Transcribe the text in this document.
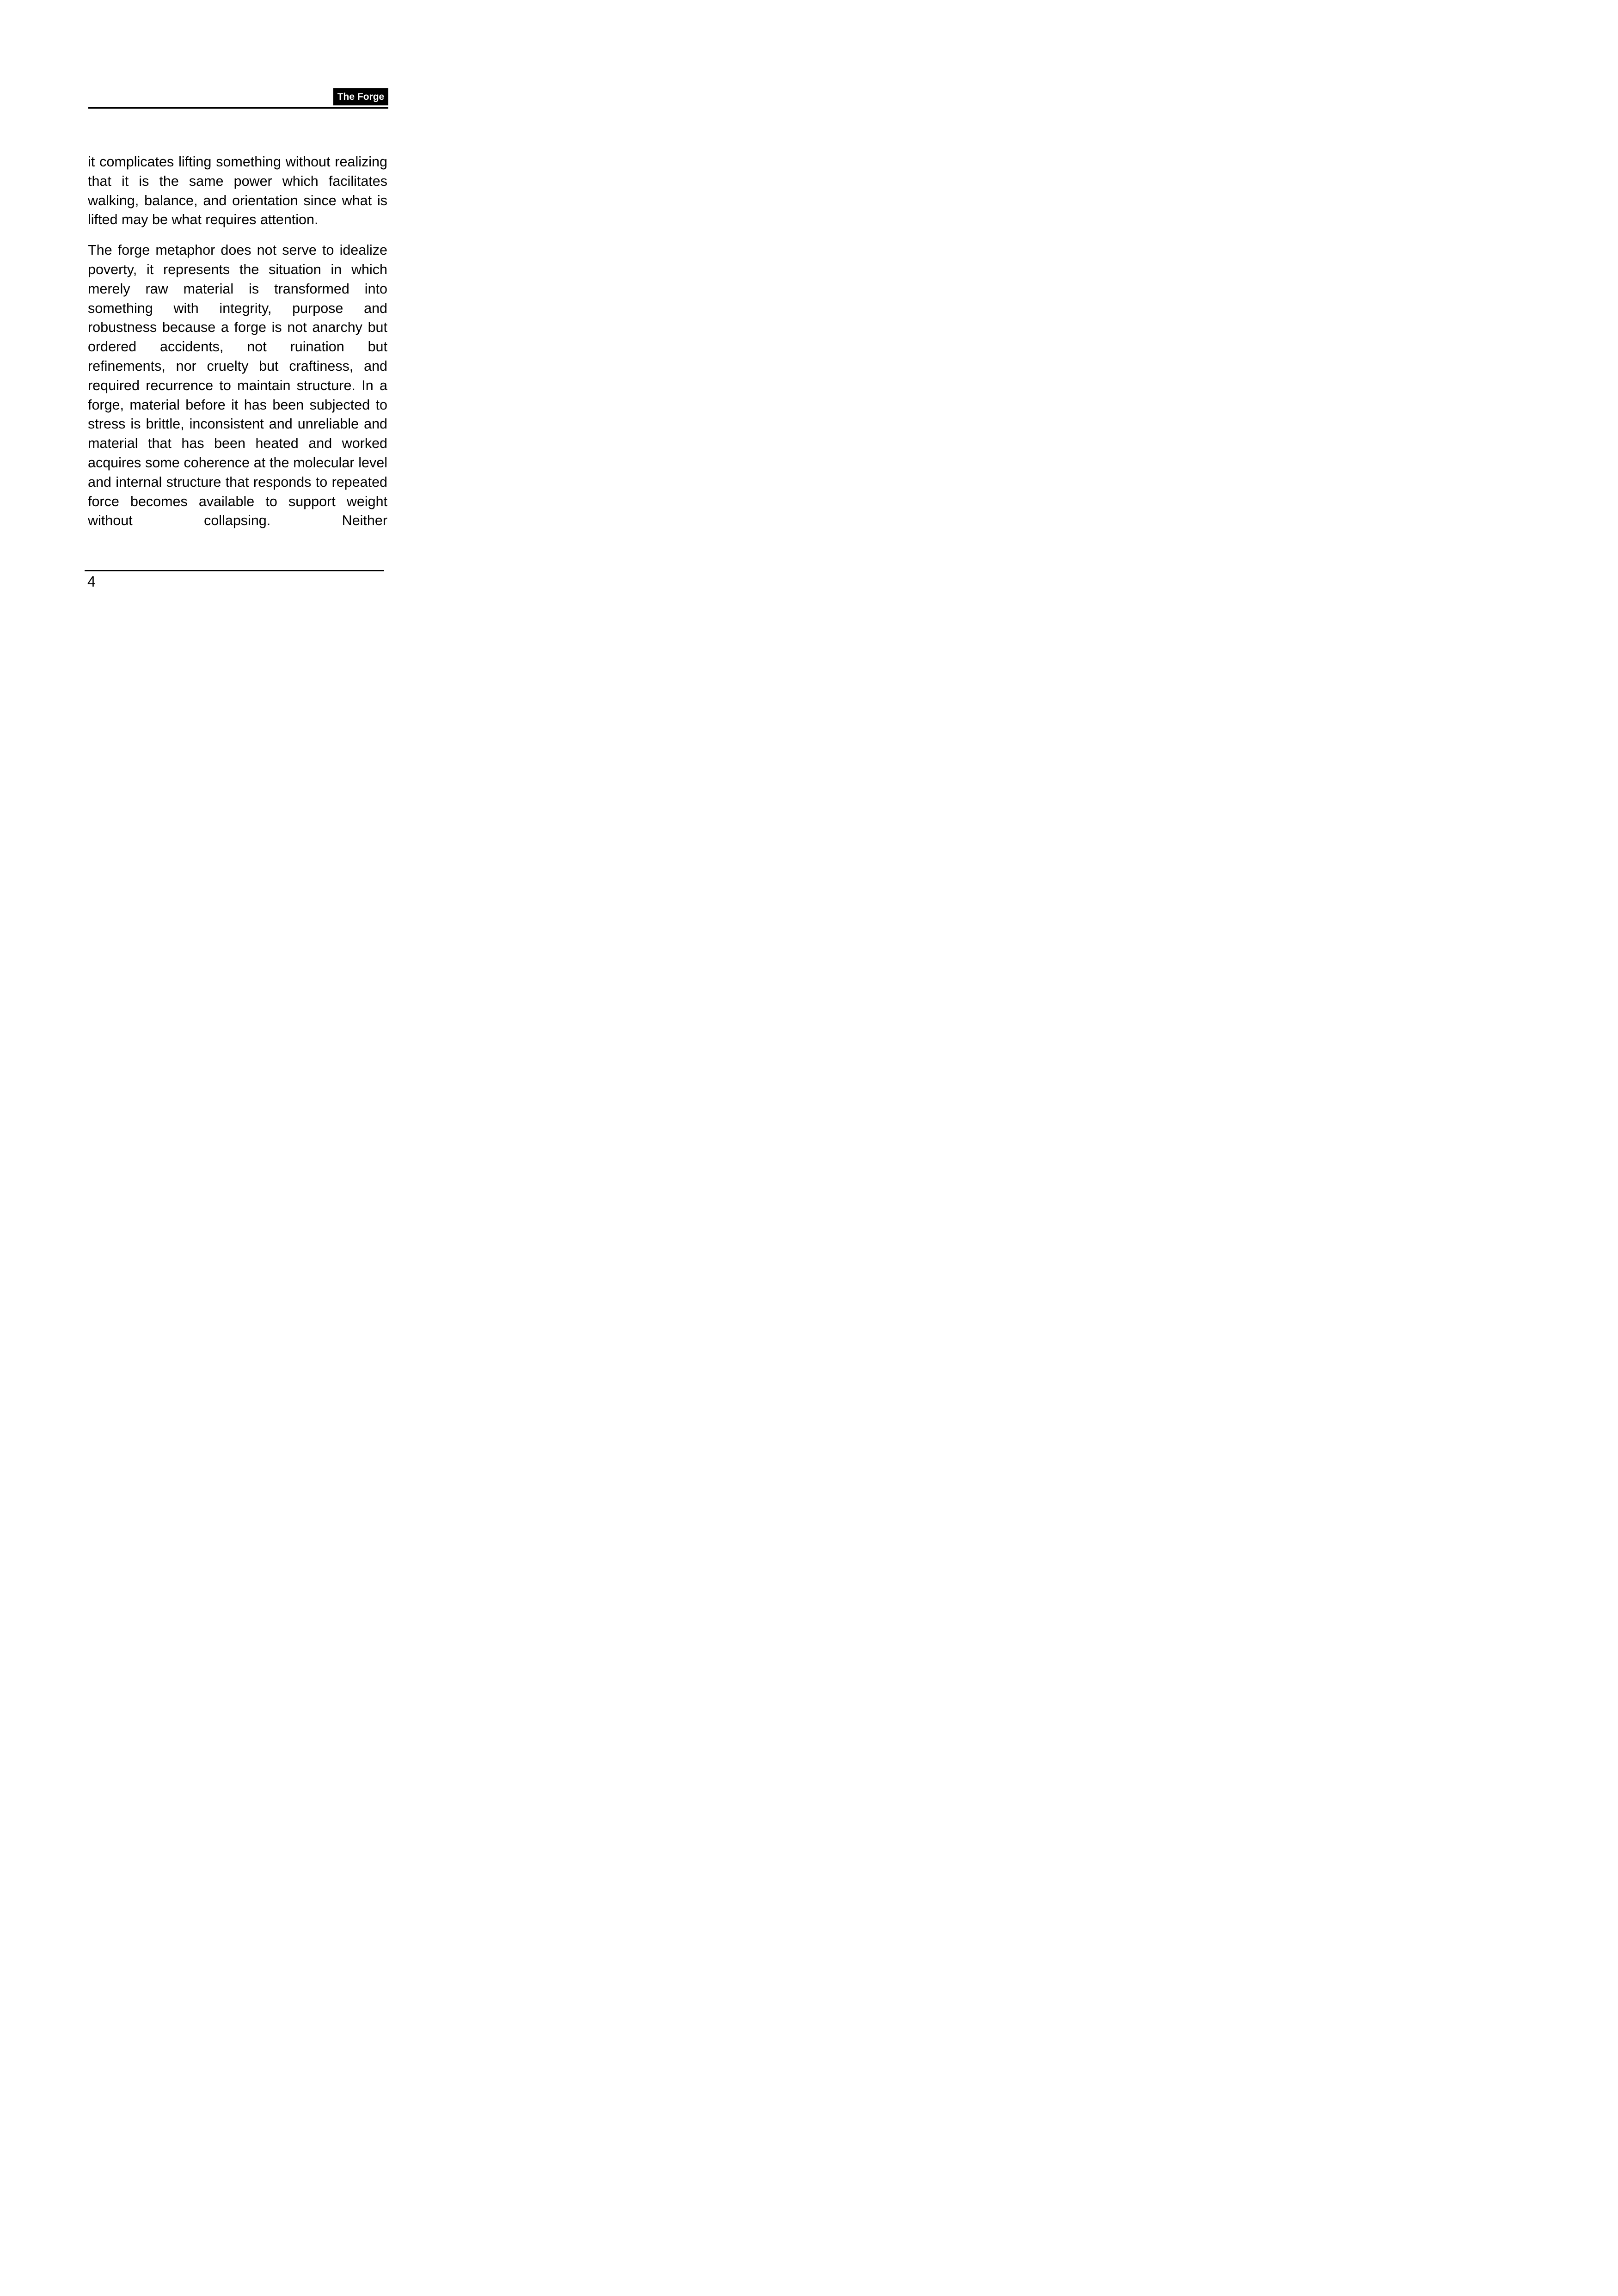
The Forge

it complicates lifting something without realizing that it is the same power which facilitates walking, balance, and orientation since what is lifted may be what requires attention.

The forge metaphor does not serve to idealize poverty, it represents the situation in which merely raw material is transformed into something with integrity, purpose and robustness because a forge is not anarchy but ordered accidents, not ruination but refinements, nor cruelty but craftiness, and required recurrence to maintain structure. In a forge, material before it has been subjected to stress is brittle, inconsistent and unreliable and material that has been heated and worked acquires some coherence at the molecular level and internal structure that responds to repeated force becomes available to support weight without collapsing. Neither

4
